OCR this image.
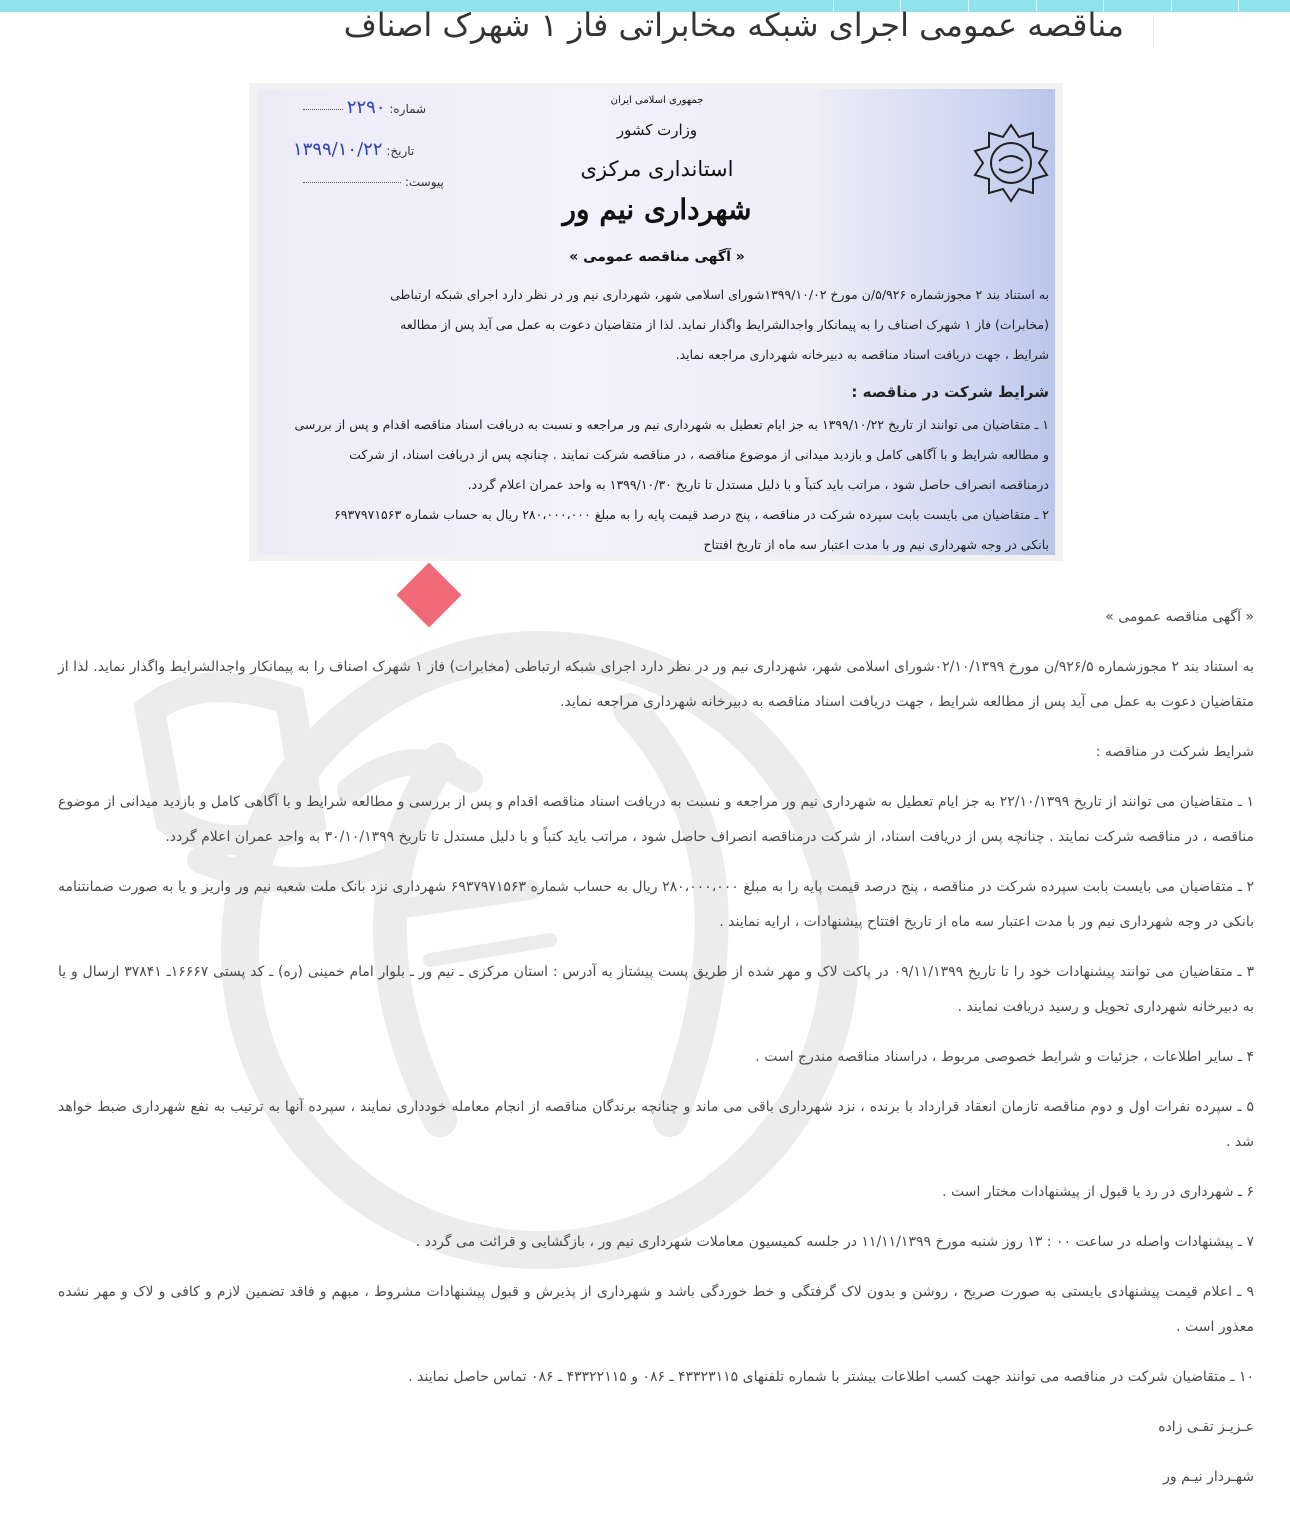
مناقصه عمومی اجرای شبکه مخابراتی فاز ۱ شهرک اصناف
جمهوری اسلامی ایران
وزارت کشور
استانداری مرکزی
شهرداری نیم ور
« آگهی مناقصه عمومی »
شماره: ۲۲۹۰
تاریخ: ۱۳۹۹/۱۰/۲۲
پیوست:
به استناد بند ۲ مجوزشماره ۵/۹۲۶/ن مورخ ۱۳۹۹/۱۰/۰۲شورای اسلامی شهر، شهرداری نیم ور در نظر دارد اجرای شبکه ارتباطی
(مخابرات) فاز ۱ شهرک اصناف را به پیمانکار واجدالشرایط واگذار نماید. لذا از متقاضیان دعوت به عمل می آید پس از مطالعه
شرایط ، جهت دریافت اسناد مناقصه به دبیرخانه شهرداری مراجعه نماید.
شرایط شرکت در مناقصه :
۱ ـ متقاضیان می توانند از تاریخ ۱۳۹۹/۱۰/۲۲ به جز ایام تعطیل به شهرداری نیم ور مراجعه و نسبت به دریافت اسناد مناقصه اقدام و پس از بررسی
و مطالعه شرایط و با آگاهی کامل و بازدید میدانی از موضوع مناقصه ، در مناقصه شرکت نمایند . چنانچه پس از دریافت اسناد، از شرکت
درمناقصه انصراف حاصل شود ، مراتب باید کتباً و با دلیل مستدل تا تاریخ ۱۳۹۹/۱۰/۳۰ به واحد عمران اعلام گردد.
۲ ـ متقاضیان می بایست بابت سپرده شرکت در مناقصه ، پنج درصد قیمت پایه را به مبلغ ۲۸۰،۰۰۰،۰۰۰ ریال به حساب شماره ۶۹۳۷۹۷۱۵۶۳
بانکی در وجه شهرداری نیم ور با مدت اعتبار سه ماه از تاریخ افتتاح

« آگهی مناقصه عمومی »

به استناد بند ۲ مجوزشماره ۹۲۶/۵/ن مورخ ۰۲/۱۰/۱۳۹۹شورای اسلامی شهر، شهرداری نیم ور در نظر دارد اجرای شبکه ارتباطی (مخابرات) فاز ۱ شهرک اصناف را به پیمانکار واجدالشرایط واگذار نماید. لذا از متقاضیان دعوت به عمل می آید پس از مطالعه شرایط ، جهت دریافت اسناد مناقصه به دبیرخانه شهرداری مراجعه نماید.

شرایط شرکت در مناقصه :

۱ ـ متقاضیان می توانند از تاریخ ۲۲/۱۰/۱۳۹۹ به جز ایام تعطیل به شهرداری نیم ور مراجعه و نسبت به دریافت اسناد مناقصه اقدام و پس از بررسی و مطالعه شرایط و با آگاهی کامل و بازدید میدانی از موضوع مناقصه ، در مناقصه شرکت نمایند . چنانچه پس از دریافت اسناد، از شرکت درمناقصه انصراف حاصل شود ، مراتب باید کتباً و با دلیل مستدل تا تاریخ ۳۰/۱۰/۱۳۹۹ به واحد عمران اعلام گردد.

۲ ـ متقاضیان می بایست بابت سپرده شرکت در مناقصه ، پنج درصد قیمت پایه را به مبلغ ۲۸۰،۰۰۰،۰۰۰ ریال به حساب شماره ۶۹۳۷۹۷۱۵۶۳ شهرداری نزد بانک ملت شعبه نیم ور واریز و یا به صورت ضمانتنامه بانکی در وجه شهرداری نیم ور با مدت اعتبار سه ماه از تاریخ افتتاح پیشنهادات ، ارایه نمایند .

۳ ـ متقاضیان می توانند پیشنهادات خود را تا تاریخ ۰۹/۱۱/۱۳۹۹ در پاکت لاک و مهر شده از طریق پست پیشتاز به آدرس : استان مرکزی ـ نیم ور ـ بلوار امام خمینی (ره) ـ کد پستی ۱۶۶۶۷ـ ۳۷۸۴۱ ارسال و یا به دبیرخانه شهرداری تحویل و رسید دریافت نمایند .

۴ ـ سایر اطلاعات ، جزئیات و شرایط خصوصی مربوط ، دراسناد مناقصه مندرج است .

۵ ـ سپرده نفرات اول و دوم مناقصه تازمان انعقاد قرارداد با برنده ، نزد شهرداری باقی می ماند و چنانچه برندگان مناقصه از انجام معامله خودداری نمایند ، سپرده آنها به ترتیب به نفع شهرداری ضبط خواهد شد .

۶ ـ شهرداری در رد یا قبول از پیشنهادات مختار است .

۷ ـ پیشنهادات واصله در ساعت ۰۰ : ۱۳ روز شنبه مورخ ۱۱/۱۱/۱۳۹۹ در جلسه کمیسیون معاملات شهرداری نیم ور ، بازگشایی و قرائت می گردد .

۹ ـ اعلام قیمت پیشنهادی بایستی به صورت صریح ، روشن و بدون لاک گرفتگی و خط خوردگی باشد و شهرداری از پذیرش و قبول پیشنهادات مشروط ، مبهم و فاقد تضمین لازم و کافی و لاک و مهر نشده معذور است .

۱۰ ـ متقاضیان شرکت در مناقصه می توانند جهت کسب اطلاعات بیشتر با شماره تلفنهای ۴۳۳۲۳۱۱۵ ـ ۰۸۶ و ۴۳۳۲۲۱۱۵ ـ ۰۸۶ تماس حاصل نمایند .

عـزیـز تقـی زاده

شهـردار نیـم ور
